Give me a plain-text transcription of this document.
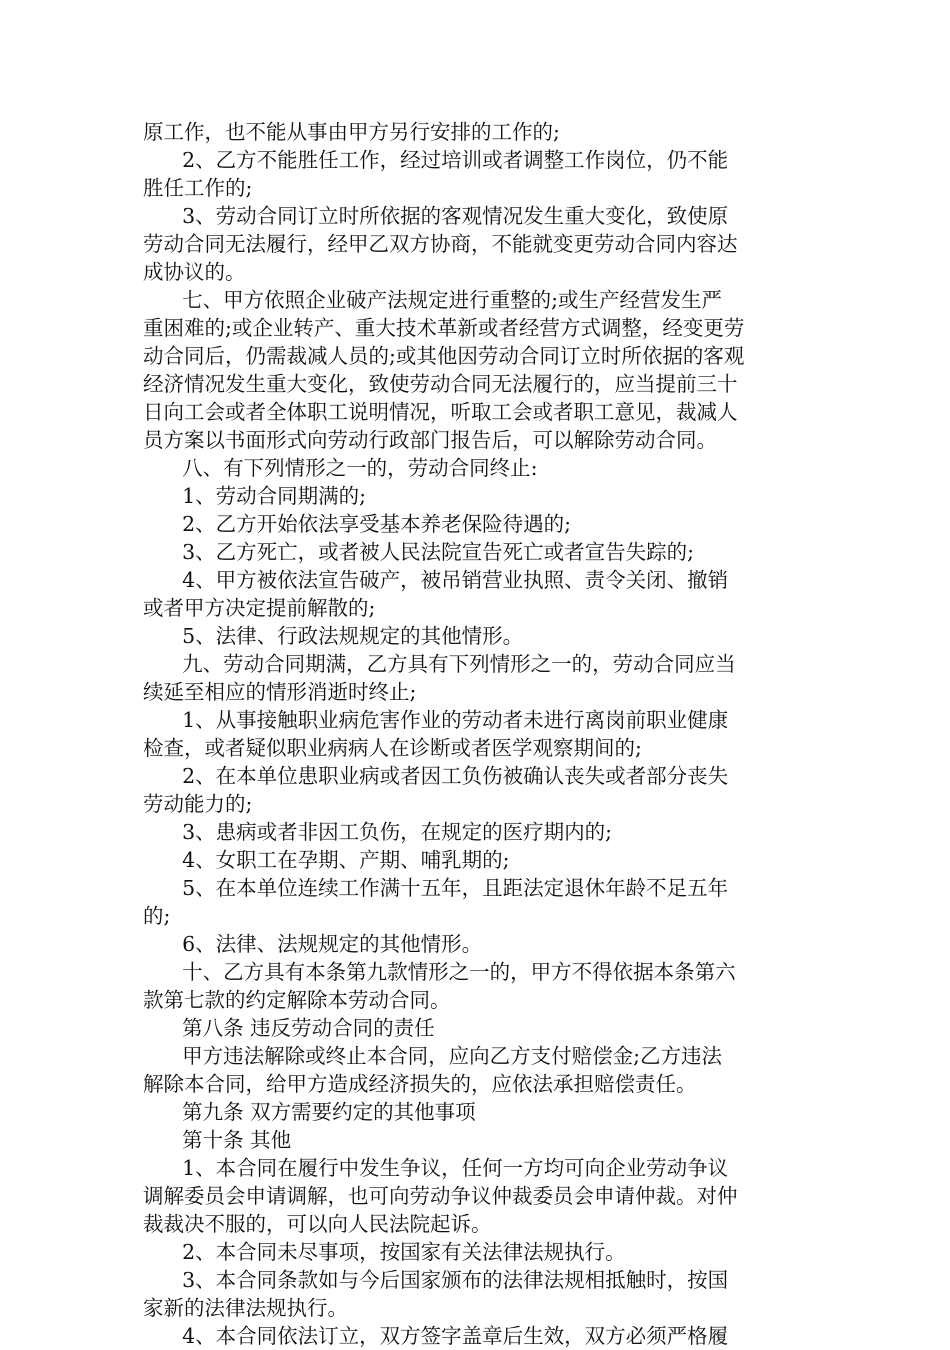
原工作，也不能从事由甲方另行安排的工作的;
2、乙方不能胜任工作，经过培训或者调整工作岗位，仍不能
胜任工作的;
3、劳动合同订立时所依据的客观情况发生重大变化，致使原
劳动合同无法履行，经甲乙双方协商，不能就变更劳动合同内容达
成协议的。
七、甲方依照企业破产法规定进行重整的;或生产经营发生严
重困难的;或企业转产、重大技术革新或者经营方式调整，经变更劳
动合同后，仍需裁减人员的;或其他因劳动合同订立时所依据的客观
经济情况发生重大变化，致使劳动合同无法履行的，应当提前三十
日向工会或者全体职工说明情况，听取工会或者职工意见，裁减人
员方案以书面形式向劳动行政部门报告后，可以解除劳动合同。
八、有下列情形之一的，劳动合同终止:
1、劳动合同期满的;
2、乙方开始依法享受基本养老保险待遇的;
3、乙方死亡，或者被人民法院宣告死亡或者宣告失踪的;
4、甲方被依法宣告破产，被吊销营业执照、责令关闭、撤销
或者甲方决定提前解散的;
5、法律、行政法规规定的其他情形。
九、劳动合同期满，乙方具有下列情形之一的，劳动合同应当
续延至相应的情形消逝时终止;
1、从事接触职业病危害作业的劳动者未进行离岗前职业健康
检查，或者疑似职业病病人在诊断或者医学观察期间的;
2、在本单位患职业病或者因工负伤被确认丧失或者部分丧失
劳动能力的;
3、患病或者非因工负伤，在规定的医疗期内的;
4、女职工在孕期、产期、哺乳期的;
5、在本单位连续工作满十五年，且距法定退休年龄不足五年
的;
6、法律、法规规定的其他情形。
十、乙方具有本条第九款情形之一的，甲方不得依据本条第六
款第七款的约定解除本劳动合同。
第八条 违反劳动合同的责任
甲方违法解除或终止本合同，应向乙方支付赔偿金;乙方违法
解除本合同，给甲方造成经济损失的，应依法承担赔偿责任。
第九条 双方需要约定的其他事项
第十条 其他
1、本合同在履行中发生争议，任何一方均可向企业劳动争议
调解委员会申请调解，也可向劳动争议仲裁委员会申请仲裁。对仲
裁裁决不服的，可以向人民法院起诉。
2、本合同未尽事项，按国家有关法律法规执行。
3、本合同条款如与今后国家颁布的法律法规相抵触时，按国
家新的法律法规执行。
4、本合同依法订立，双方签字盖章后生效，双方必须严格履
